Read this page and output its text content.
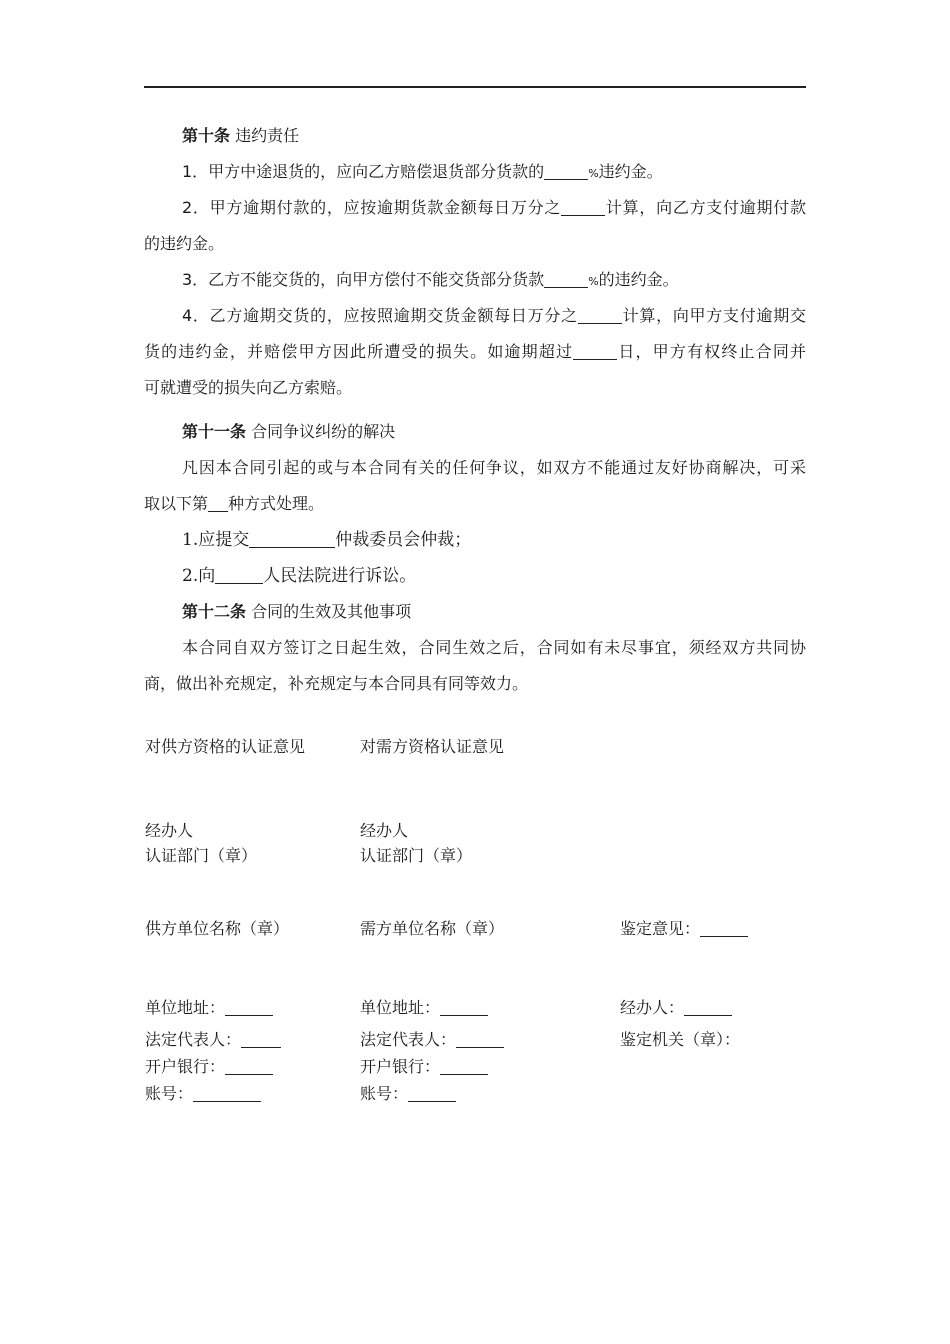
第十条 违约责任
1．甲方中途退货的，应向乙方赔偿退货部分货款的	%违约金。
2．甲方逾期付款的，应按逾期货款金额每日万分之	计算，向乙方支付逾期付款
的违约金。
3．乙方不能交货的，向甲方偿付不能交货部分货款	%的违约金。
4．乙方逾期交货的，应按照逾期交货金额每日万分之	计算，向甲方支付逾期交
货的违约金，并赔偿甲方因此所遭受的损失。如逾期超过	日，甲方有权终止合同并
可就遭受的损失向乙方索赔。
第十一条 合同争议纠纷的解决
凡因本合同引起的或与本合同有关的任何争议，如双方不能通过友好协商解决，可采
取以下第 种方式处理。
1.应提交	仲裁委员会仲裁；
2.向	人民法院进行诉讼。
第十二条 合同的生效及其他事项
本合同自双方签订之日起生效，合同生效之后，合同如有未尽事宜，须经双方共同协
商，做出补充规定，补充规定与本合同具有同等效力。
对供方资格的认证意见	对需方资格认证意见
经办人	经办人
认证部门（章）	认证部门（章）
供方单位名称（章）	需方单位名称（章）	鉴定意见：
单位地址：	单位地址：	经办人：
法定代表人：	法定代表人：	鉴定机关（章）：
开户银行：	开户银行：
账号：	账号：
